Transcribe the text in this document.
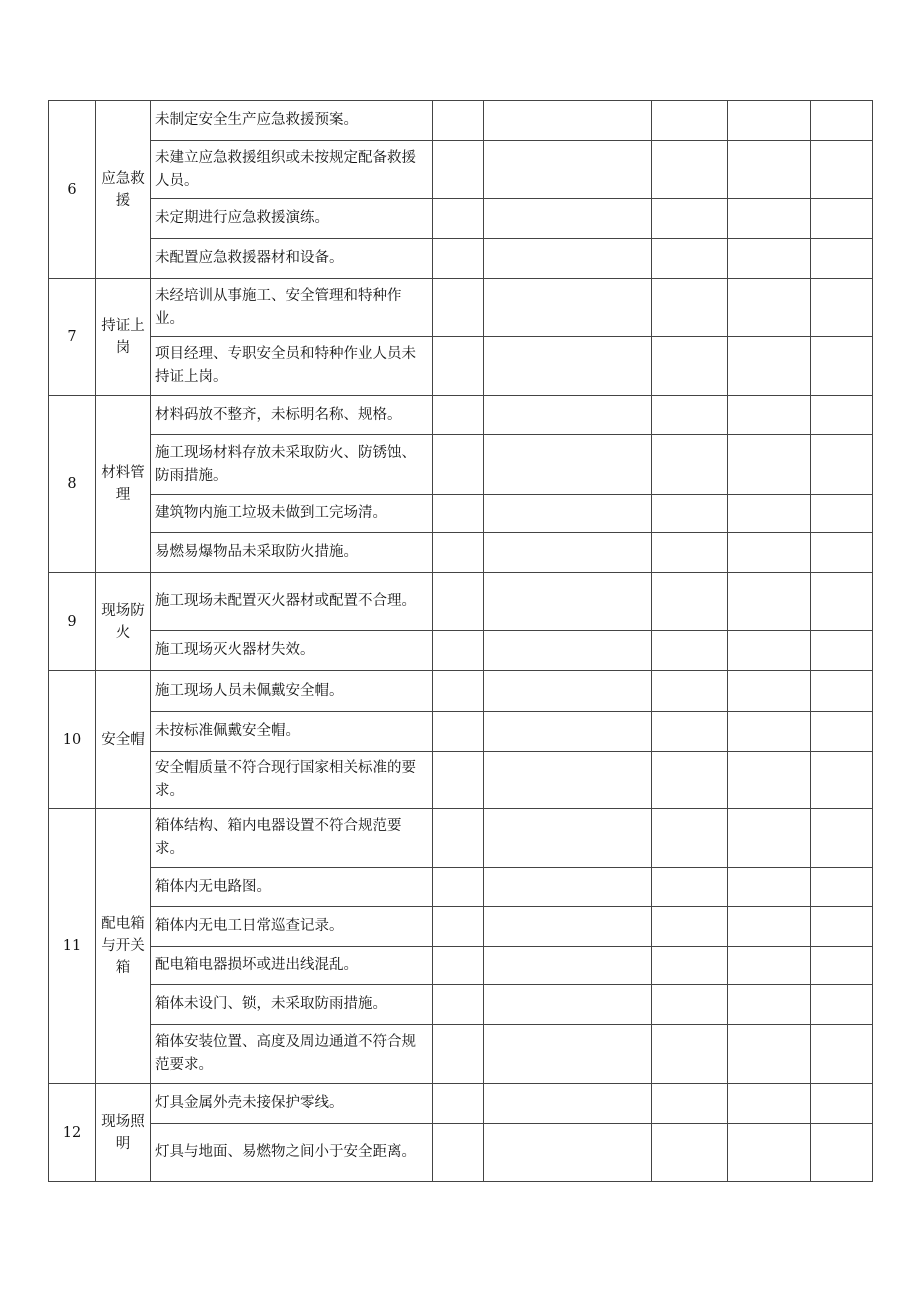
6	应急救援	未制定安全生产应急救援预案。					
		未建立应急救援组织或未按规定配备救援人员。					
		未定期进行应急救援演练。					
		未配置应急救援器材和设备。					
7	持证上岗	未经培训从事施工、安全管理和特种作业。					
		项目经理、专职安全员和特种作业人员未持证上岗。					
8	材料管理	材料码放不整齐，未标明名称、规格。					
		施工现场材料存放未采取防火、防锈蚀、防雨措施。					
		建筑物内施工垃圾未做到工完场清。					
		易燃易爆物品未采取防火措施。					
9	现场防火	施工现场未配置灭火器材或配置不合理。					
		施工现场灭火器材失效。					
10	安全帽	施工现场人员未佩戴安全帽。					
		未按标准佩戴安全帽。					
		安全帽质量不符合现行国家相关标准的要求。					
11	配电箱与开关箱	箱体结构、箱内电器设置不符合规范要求。					
		箱体内无电路图。					
		箱体内无电工日常巡查记录。					
		配电箱电器损坏或进出线混乱。					
		箱体未设门、锁，未采取防雨措施。					
		箱体安装位置、高度及周边通道不符合规范要求。					
12	现场照明	灯具金属外壳未接保护零线。					
		灯具与地面、易燃物之间小于安全距离。					
